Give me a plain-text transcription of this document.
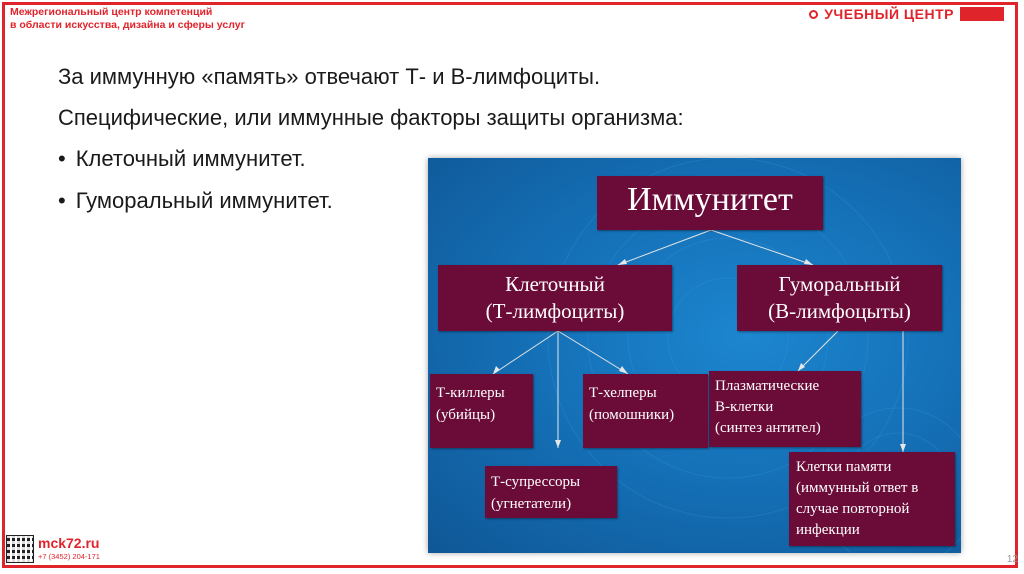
Межрегиональный центр компетенций
в области искусства, дизайна и сферы услуг
УЧЕБНЫЙ ЦЕНТР
За иммунную «память» отвечают Т- и В-лимфоциты.
Специфические, или иммунные факторы защиты организма:
• Клеточный иммунитет.
• Гуморальный иммунитет.	Иммунитет
Клеточный
(Т-лимфоциты)
Гуморальный
(В-лимфоцыты)
Т-киллеры
(убийцы)
Т-хелперы
(помошники)
Т-супрессоры
(угнетатели)
Плазматические
В-клетки
(синтез антител)
Клетки памяти
(иммунный ответ в
случае повторной
инфекции
mck72.ru
+7 (3452) 204-171	12
